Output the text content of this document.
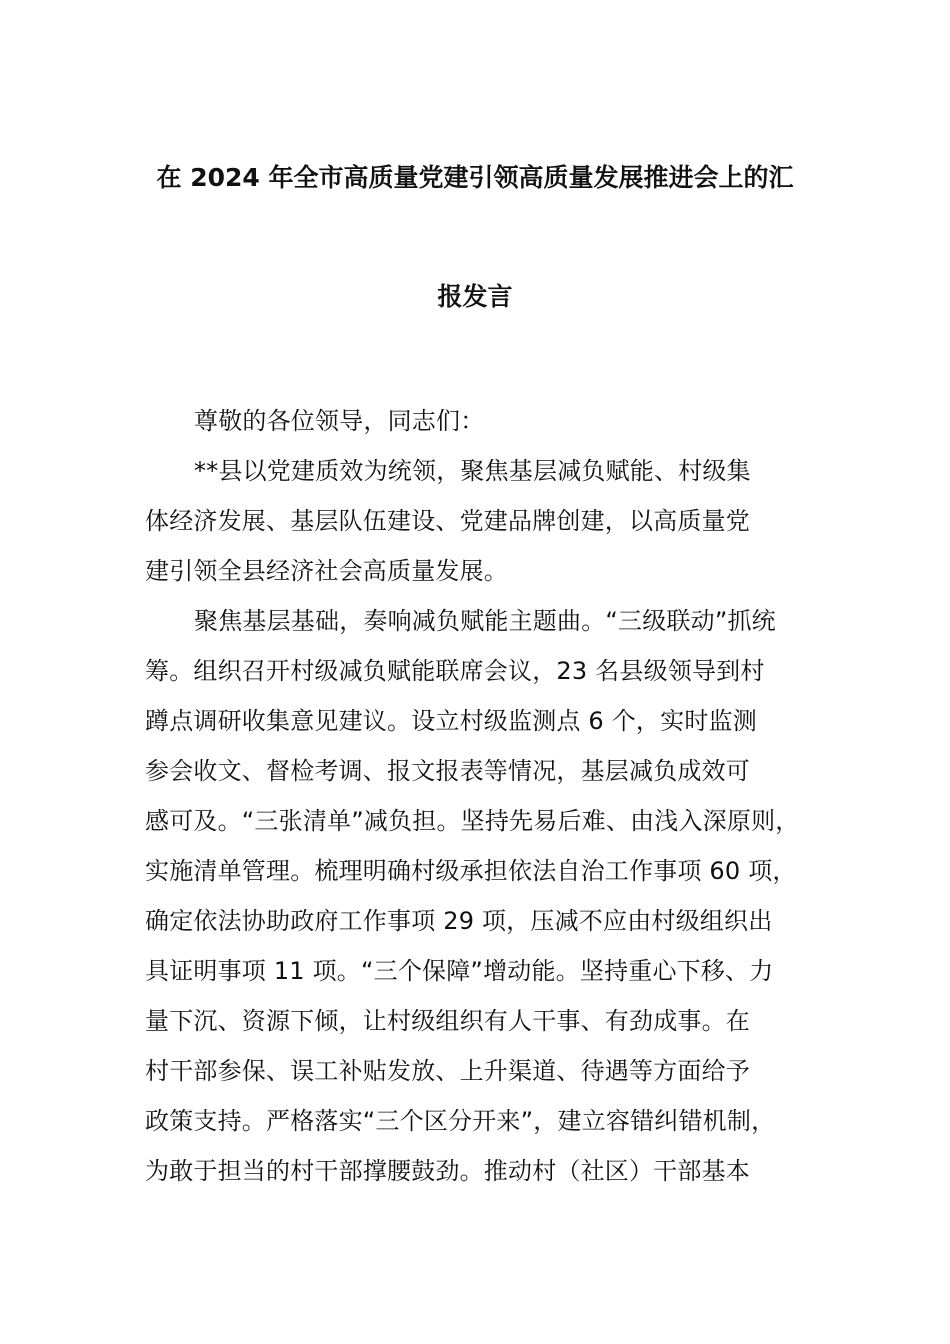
在 2024 年全市高质量党建引领高质量发展推进会上的汇
报发言
尊敬的各位领导，同志们：
**县以党建质效为统领，聚焦基层减负赋能、村级集
体经济发展、基层队伍建设、党建品牌创建，以高质量党
建引领全县经济社会高质量发展。
聚焦基层基础，奏响减负赋能主题曲。“三级联动”抓统
筹。组织召开村级减负赋能联席会议，23 名县级领导到村
蹲点调研收集意见建议。设立村级监测点 6 个，实时监测
参会收文、督检考调、报文报表等情况，基层减负成效可
感可及。“三张清单”减负担。坚持先易后难、由浅入深原则，
实施清单管理。梳理明确村级承担依法自治工作事项 60 项，
确定依法协助政府工作事项 29 项，压减不应由村级组织出
具证明事项 11 项。“三个保障”增动能。坚持重心下移、力
量下沉、资源下倾，让村级组织有人干事、有劲成事。在
村干部参保、误工补贴发放、上升渠道、待遇等方面给予
政策支持。严格落实“三个区分开来”，建立容错纠错机制，
为敢于担当的村干部撑腰鼓劲。推动村（社区）干部基本
